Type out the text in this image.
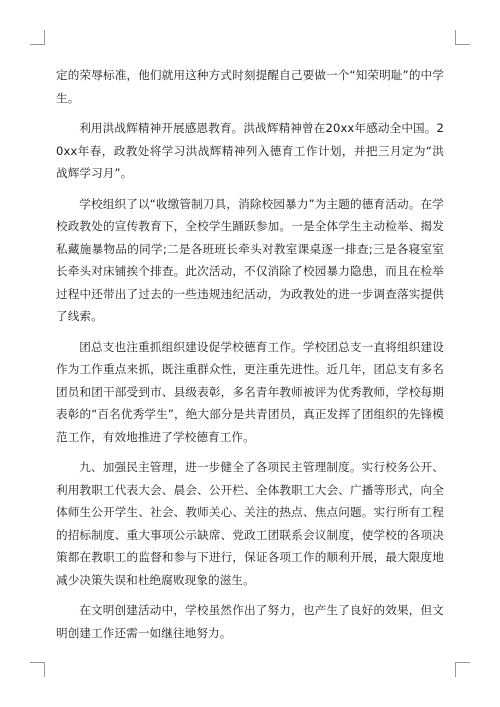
定的荣辱标准，他们就用这种方式时刻提醒自己要做一个“知荣明耻”的中学生。

利用洪战辉精神开展感恩教育。洪战辉精神曾在20xx年感动全中国。20xx年春，政教处将学习洪战辉精神列入德育工作计划，并把三月定为“洪战辉学习月”。

学校组织了以“收缴管制刀具，消除校园暴力”为主题的德育活动。在学校政教处的宣传教育下，全校学生踊跃参加。一是全体学生主动检举、揭发私藏施暴物品的同学;二是各班班长牵头对教室课桌逐一排查;三是各寝室室长牵头对床铺挨个排查。此次活动，不仅消除了校园暴力隐患，而且在检举过程中还带出了过去的一些违规违纪活动，为政教处的进一步调查落实提供了线索。

团总支也注重抓组织建设促学校德育工作。学校团总支一直将组织建设作为工作重点来抓，既注重群众性，更注重先进性。近几年，团总支有多名团员和团干部受到市、县级表彰，多名青年教师被评为优秀教师，学校每期表彰的“百名优秀学生”，绝大部分是共青团员，真正发挥了团组织的先锋模范工作，有效地推进了学校德育工作。

九、加强民主管理，进一步健全了各项民主管理制度。实行校务公开、利用教职工代表大会、晨会、公开栏、全体教职工大会、广播等形式，向全体师生公开学生、社会、教师关心、关注的热点、焦点问题。实行所有工程的招标制度、重大事项公示缺席、党政工团联系会议制度，使学校的各项决策都在教职工的监督和参与下进行，保证各项工作的顺利开展，最大限度地减少决策失误和杜绝腐败现象的滋生。

在文明创建活动中，学校虽然作出了努力，也产生了良好的效果，但文明创建工作还需一如继往地努力。
